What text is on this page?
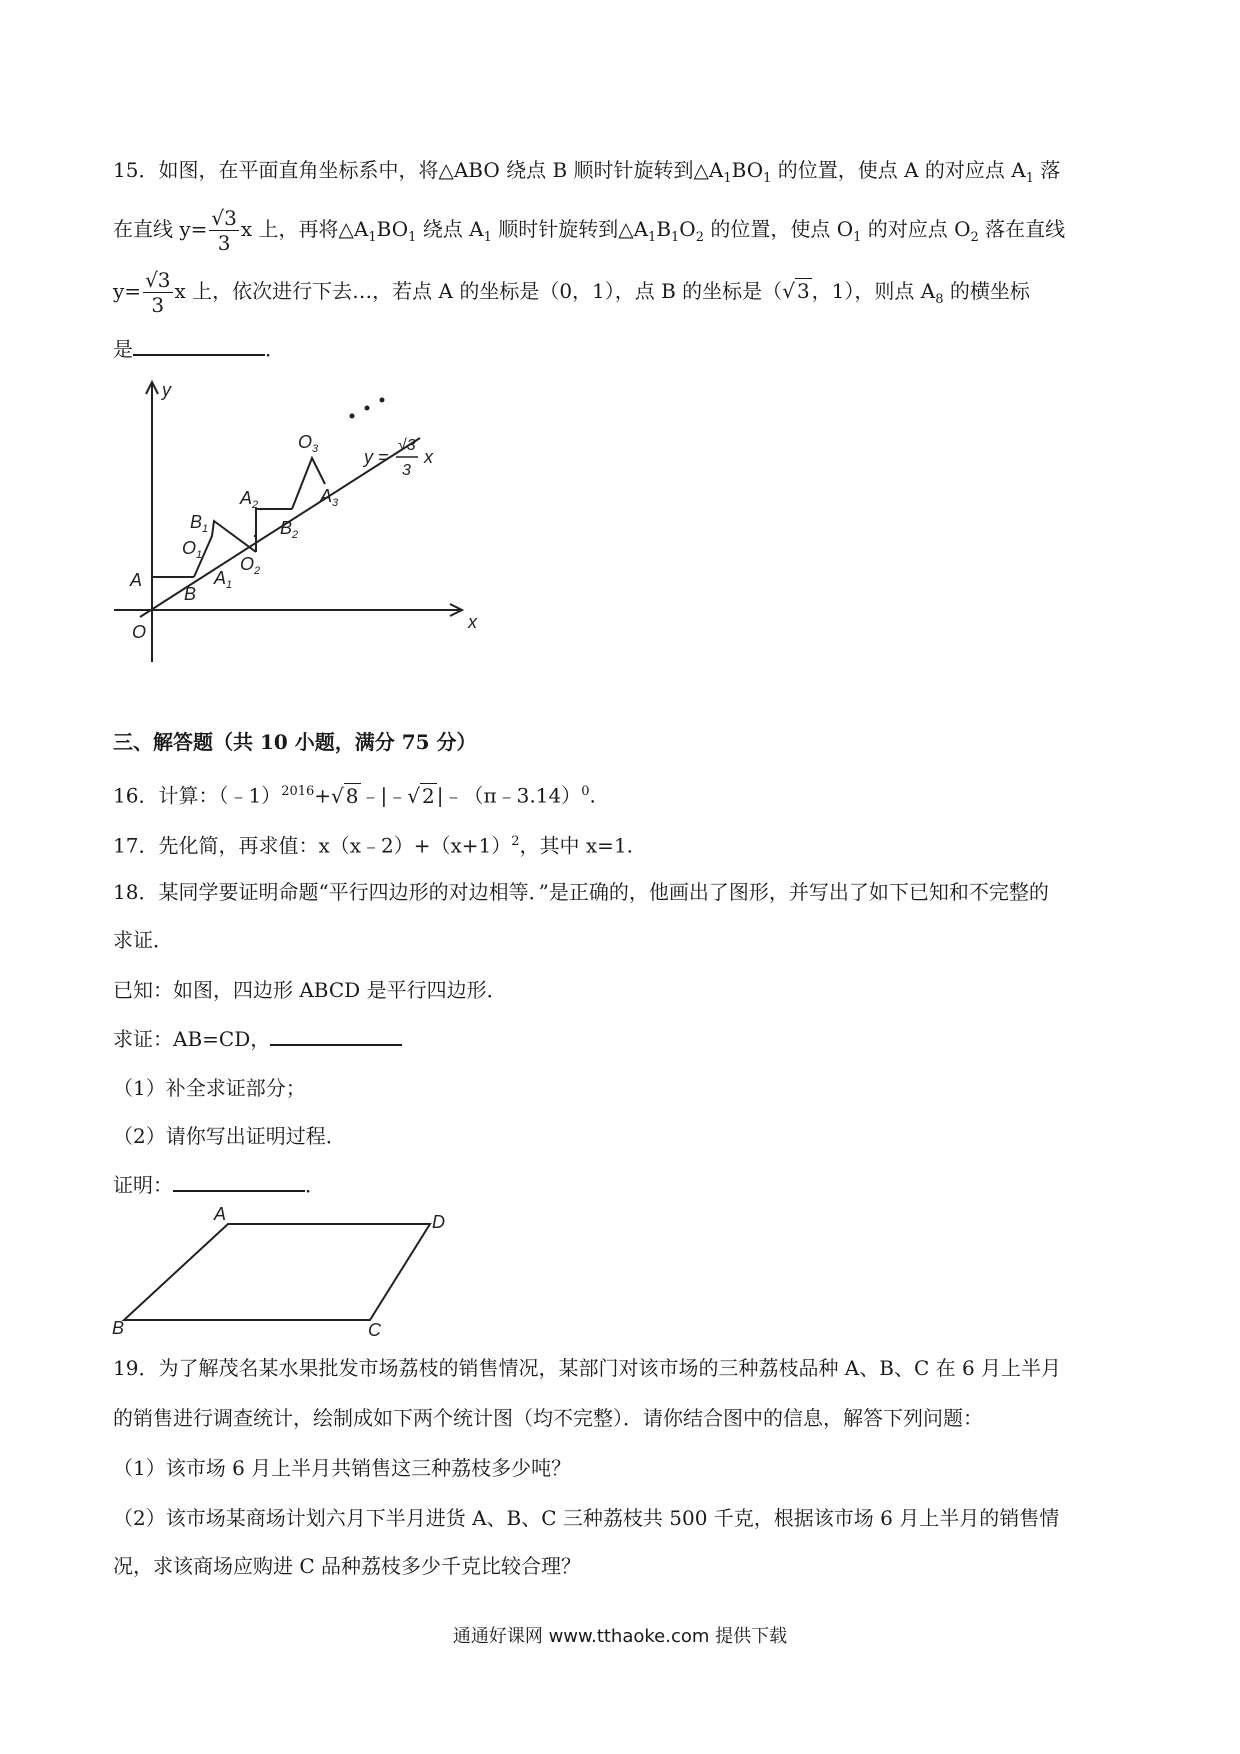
15．如图，在平面直角坐标系中，将△ABO 绕点 B 顺时针旋转到$\triangle A_1BO_1$ 的位置，使点 A 的对应点 $A_1$ 落
在直线 $y= \frac{√3}{3}$ x 上，再将$\triangle A_1BO_1$ 绕点 $A_1$ 顺时针旋转到$\triangle A_1B_1O_2$ 的位置，使点 $O_1$ 的对应点 $O_2$ 落在直线
$y= \frac{√3}{3}$ x 上，依次进行下去…，若点 A 的坐标是（0，1），点 B 的坐标是（√ 3 ，1），则点 $A_8$ 的横坐标
是	．
y
x
O
A
B
$B_1$
$O_1$
$A_1$
$A_2$
$O_2$
$B_2$
$O_3$
$A_3$
y =
√3
3
x
三、解答题（共 10 小题，满分 75 分）
16．计算：（﹣1）$^{2016}$+√ 8 ﹣|﹣√ 2 |﹣（π﹣3.14）$^0$.
17．先化简，再求值：$x(x﹣2)+(x+1)^2$，其中 x=1.
18．某同学要证明命题“平行四边形的对边相等．”是正确的，他画出了图形，并写出了如下已知和不完整的
求证．
已知：如图，四边形 ABCD 是平行四边形．
求证：AB=CD，
（1）补全求证部分；
（2）请你写出证明过程．
证明：	．
A	D
B	C
19．为了解茂名某水果批发市场荔枝的销售情况，某部门对该市场的三种荔枝品种 A、B、C 在 6 月上半月
的销售进行调查统计，绘制成如下两个统计图（均不完整）．请你结合图中的信息，解答下列问题：
（1）该市场 6 月上半月共销售这三种荔枝多少吨？
（2）该市场某商场计划六月下半月进货 A、B、C 三种荔枝共 500 千克，根据该市场 6 月上半月的销售情
况，求该商场应购进 C 品种荔枝多少千克比较合理？
通通好课网 www.tthaoke.com 提供下载
